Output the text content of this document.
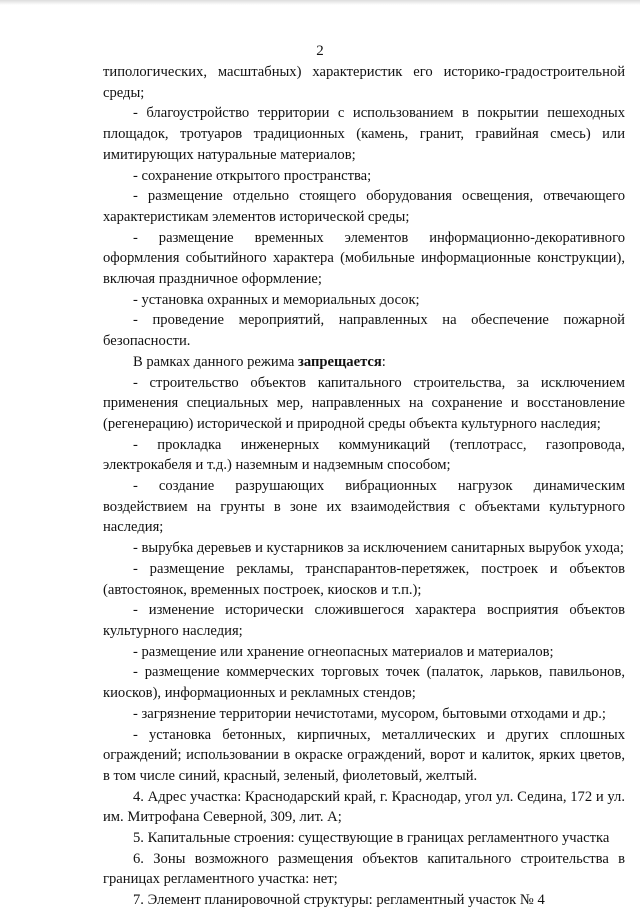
2

типологических, масштабных) характеристик его историко-градостроительной среды;

- благоустройство территории с использованием в покрытии пешеходных площадок, тротуаров традиционных (камень, гранит, гравийная смесь) или имитирующих натуральные материалов;

- сохранение открытого пространства;

- размещение отдельно стоящего оборудования освещения, отвечающего характеристикам элементов исторической среды;

- размещение временных элементов информационно-декоративного оформления событийного характера (мобильные информационные конструкции), включая праздничное оформление;

- установка охранных и мемориальных досок;

- проведение мероприятий, направленных на обеспечение пожарной безопасности.

В рамках данного режима запрещается:

- строительство объектов капитального строительства, за исключением применения специальных мер, направленных на сохранение и восстановление (регенерацию) исторической и природной среды объекта культурного наследия;

- прокладка инженерных коммуникаций (теплотрасс, газопровода, электрокабеля и т.д.) наземным и надземным способом;

- создание разрушающих вибрационных нагрузок динамическим воздействием на грунты в зоне их взаимодействия с объектами культурного наследия;

- вырубка деревьев и кустарников за исключением санитарных вырубок ухода;

- размещение рекламы, транспарантов-перетяжек, построек и объектов (автостоянок, временных построек, киосков и т.п.);

- изменение исторически сложившегося характера восприятия объектов культурного наследия;

- размещение или хранение огнеопасных материалов и материалов;

- размещение коммерческих торговых точек (палаток, ларьков, павильонов, киосков), информационных и рекламных стендов;

- загрязнение территории нечистотами, мусором, бытовыми отходами и др.;

- установка бетонных, кирпичных, металлических и других сплошных ограждений; использовании в окраске ограждений, ворот и калиток, ярких цветов, в том числе синий, красный, зеленый, фиолетовый, желтый.

4. Адрес участка: Краснодарский край, г. Краснодар, угол ул. Седина, 172 и ул. им. Митрофана Северной, 309, лит. А;

5. Капитальные строения: существующие в границах регламентного участка

6. Зоны возможного размещения объектов капитального строительства в границах регламентного участка: нет;

7. Элемент планировочной структуры: регламентный участок № 4
